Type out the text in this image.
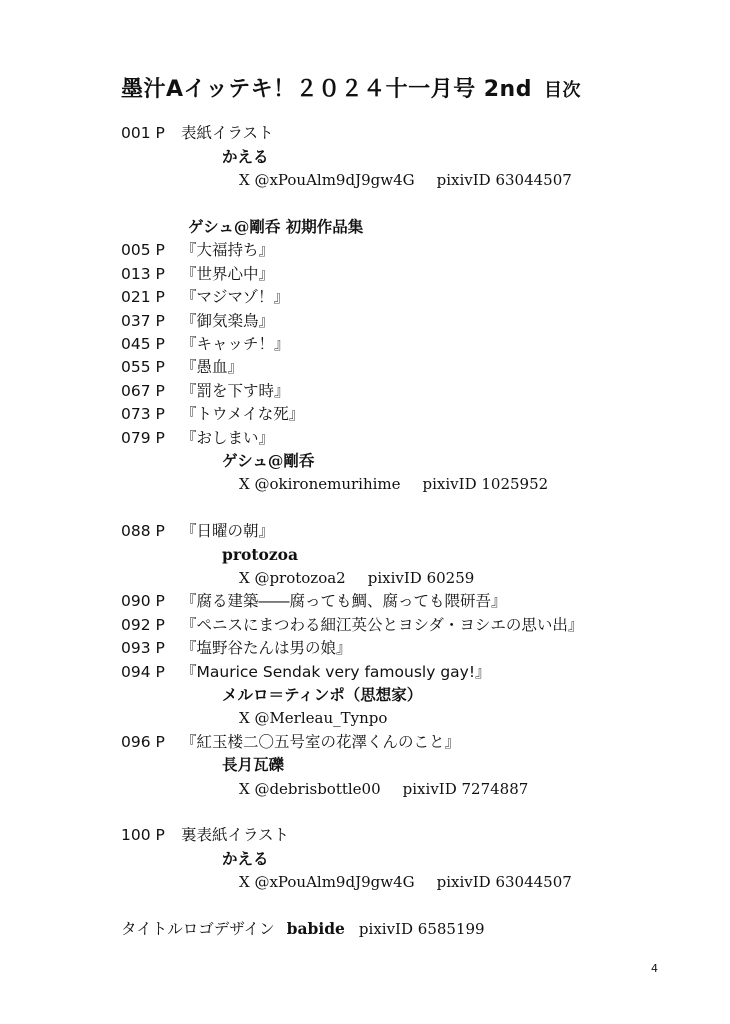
墨汁Aイッテキ！２０２４十一月号 2nd 目次
001 P 表紙イラスト
かえる
X @xPouAlm9dJ9gw4G pixivID 63044507
ゲシュ@剛呑 初期作品集
005 P 『大福持ち』
013 P 『世界心中』
021 P 『マジマゾ！』
037 P 『御気楽鳥』
045 P 『キャッチ！』
055 P 『愚血』
067 P 『罰を下す時』
073 P 『トウメイな死』
079 P 『おしまい』
ゲシュ@剛呑
X @okironemurihime pixivID 1025952
088 P 『日曜の朝』
protozoa
X @protozoa2 pixivID 60259
090 P 『腐る建築――腐っても鯛、腐っても隈研吾』
092 P 『ペニスにまつわる細江英公とヨシダ・ヨシエの思い出』
093 P 『塩野谷たんは男の娘』
094 P 『Maurice Sendak very famously gay!』
メルロ＝ティンポ（思想家）
X @Merleau_Tynpo
096 P 『紅玉楼二〇五号室の花澤くんのこと』
長月瓦礫
X @debrisbottle00 pixivID 7274887
100 P 裏表紙イラスト
かえる
X @xPouAlm9dJ9gw4G pixivID 63044507
タイトルロゴデザイン babide pixivID 6585199
4
